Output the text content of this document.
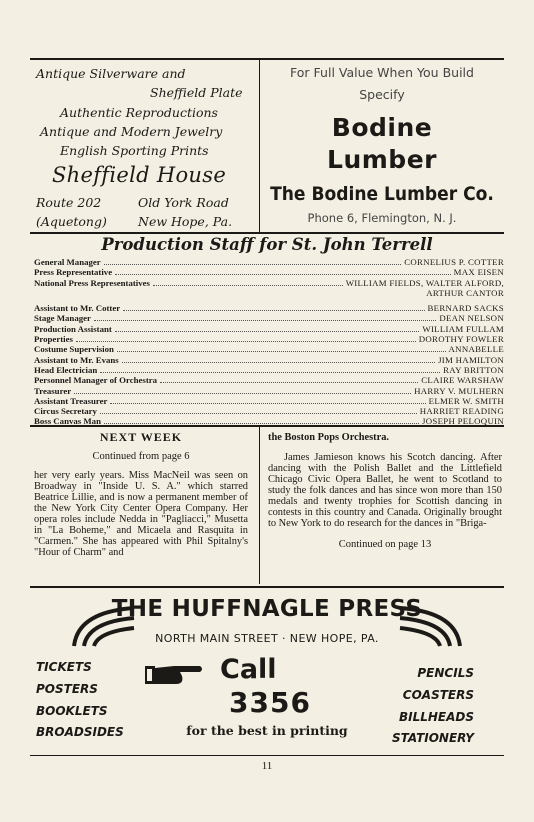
Antique Silverware and
Sheffield Plate
Authentic Reproductions
Antique and Modern Jewelry
English Sporting Prints
Sheffield House
Route 202	Old York Road
(Aquetong) New Hope, Pa.
For Full Value When You Build
Specify
Bodine
Lumber
The Bodine Lumber Co.
Phone 6, Flemington, N. J.
Production Staff for St. John Terrell
General Manager	CORNELIUS P. COTTER
Press Representative	MAX EISEN
National Press Representatives	WILLIAM FIELDS, WALTER ALFORD,
ARTHUR CANTOR
Assistant to Mr. Cotter	BERNARD SACKS
Stage Manager	DEAN NELSON
Production Assistant	WILLIAM FULLAM
Properties	DOROTHY FOWLER
Costume Supervision	ANNABELLE
Assistant to Mr. Evans	JIM HAMILTON
Head Electrician	RAY BRITTON
Personnel Manager of Orchestra	CLAIRE WARSHAW
Treasurer	HARRY V. MULHERN
Assistant Treasurer	ELMER W. SMITH
Circus Secretary	HARRIET READING
Boss Canvas Man	JOSEPH PELOQUIN
NEXT WEEK

Continued from page 6

her very early years. Miss MacNeil was seen on Broadway in "Inside U. S. A." which starred Beatrice Lillie, and is now a permanent member of the New York City Center Opera Company. Her opera roles include Nedda in "Pagliacci," Musetta in "La Boheme," and Micaela and Rasquita in "Carmen." She has appeared with Phil Spitalny's "Hour of Charm" and

the Boston Pops Orchestra.

James Jamieson knows his Scotch dancing. After dancing with the Polish Ballet and the Littlefield Chicago Civic Opera Ballet, he went to Scotland to study the folk dances and has since won more than 150 medals and twenty trophies for Scottish dancing in contests in this country and Canada. Originally brought to New York to do research for the dances in "Briga-

Continued on page 13

THE HUFFNAGLE PRESS
NORTH MAIN STREET · NEW HOPE, PA.
TICKETS
POSTERS
BOOKLETS
BROADSIDES
PENCILS
COASTERS
BILLHEADS
STATIONERY
Call
3356
for the best in printing
11
